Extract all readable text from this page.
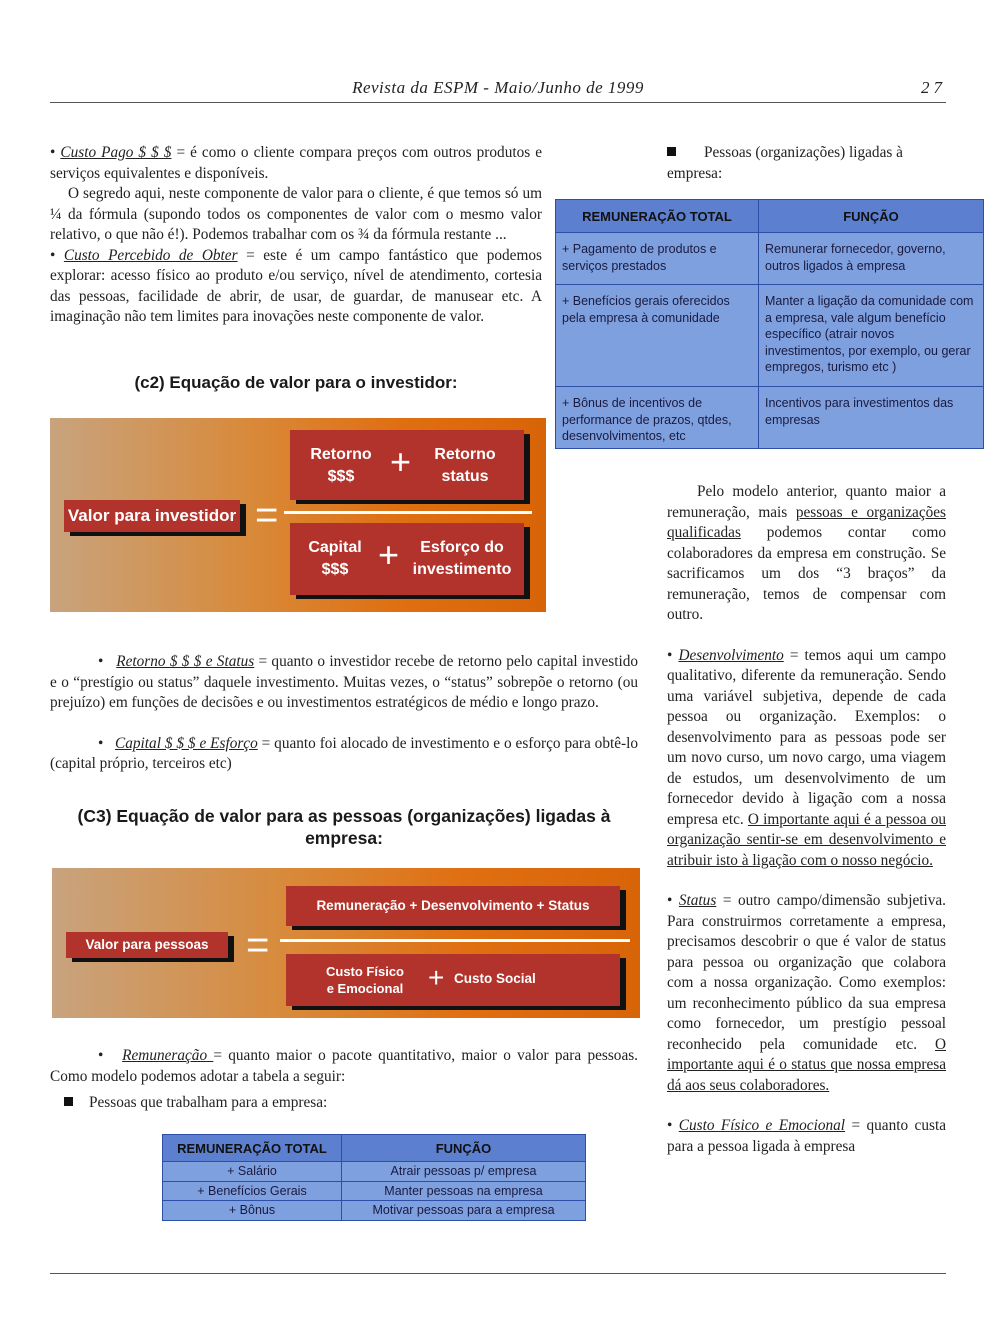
Revista da ESPM - Maio/Junho de 1999	27

• Custo Pago $ $ $ = é como o cliente compara preços com outros produtos e serviços equivalentes e disponíveis.

O segredo aqui, neste componente de valor para o cliente, é que temos só um ¼ da fórmula (supondo todos os componentes de valor com o mesmo valor relativo, o que não é!). Podemos trabalhar com os ¾ da fórmula restante ...

• Custo Percebido de Obter = este é um campo fantástico que podemos explorar: acesso físico ao produto e/ou serviço, nível de atendimento, cortesia das pessoas, facilidade de abrir, de usar, de guardar, de manusear etc. A imaginação não tem limites para inovações neste componente de valor.

(c2) Equação de valor para o investidor:
Valor para investidor =
Retorno
$$$ +	Retorno
status
Capital
$$$ +	Esforço do
investimento

•   Retorno $ $ $ e Status = quanto o investidor recebe de retorno pelo capital investido e o “prestígio ou status” daquele investimento. Muitas vezes, o “status” sobrepõe o retorno (ou prejuízo) em funções de decisões e ou investimentos estratégicos de médio e longo prazo.

•   Capital $ $ $ e Esforço = quanto foi alocado de investimento e o esforço para obtê-lo (capital próprio, terceiros etc)

(C3) Equação de valor para as pessoas (organizações) ligadas à empresa:
Valor para pessoas =
Remuneração + Desenvolvimento + Status
Custo Físico
e Emocional + Custo Social

•   Remuneração = quanto maior o pacote quantitativo, maior o valor para pessoas. Como modelo podemos adotar a tabela a seguir:

Pessoas que trabalham para a empresa:

REMUNERAÇÃO TOTAL	FUNÇÃO
+ Salário	Atrair pessoas p/ empresa
+ Benefícios Gerais	Manter pessoas na empresa
+ Bônus	Motivar pessoas para a empresa

Pessoas (organizações) ligadas à empresa:

REMUNERAÇÃO TOTAL	FUNÇÃO
+ Pagamento de produtos e serviços prestados	Remunerar fornecedor, governo, outros ligados à empresa
+ Benefícios gerais oferecidos pela empresa à comunidade	Manter a ligação da comunidade com a empresa, vale algum benefício específico (atrair novos investimentos, por exemplo, ou gerar empregos, turismo etc )
+ Bônus de incentivos de performance de prazos, qtdes, desenvolvimentos, etc	Incentivos para investimentos das empresas

Pelo modelo anterior, quanto maior a remuneração, mais pessoas e organizações qualificadas podemos contar como colaboradores da empresa em construção. Se sacrificamos um dos “3 braços” da remuneração, temos de compensar com outro.

• Desenvolvimento = temos aqui um campo qualitativo, diferente da remuneração. Sendo uma variável subjetiva, depende de cada pessoa ou organização. Exemplos: o desenvolvimento para as pessoas pode ser um novo curso, um novo cargo, uma viagem de estudos, um desenvolvimento de um fornecedor devido à ligação com a nossa empresa etc. O importante aqui é a pessoa ou organização sentir-se em desenvolvimento e atribuir isto à ligação com o nosso negócio.

• Status = outro campo/dimensão subjetiva. Para construirmos corretamente a empresa, precisamos descobrir o que é valor de status para pessoa ou organização que colabora com a nossa organização. Como exemplos: um reconhecimento público da sua empresa como fornecedor, um prestígio pessoal reconhecido pela comunidade etc. O importante aqui é o status que nossa empresa dá aos seus colaboradores.

• Custo Físico e Emocional = quanto custa para a pessoa ligada à empresa
